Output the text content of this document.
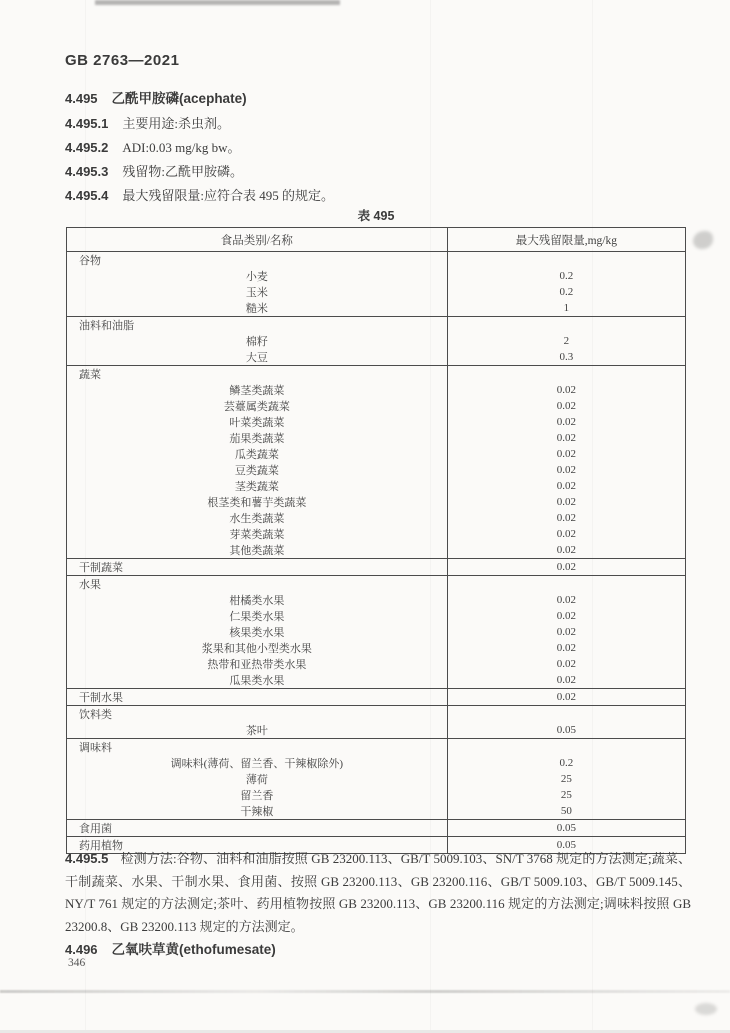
GB 2763—2021
4.495 乙酰甲胺磷(acephate)
4.495.1 主要用途:杀虫剂。
4.495.2 ADI:0.03 mg/kg bw。
4.495.3 残留物:乙酰甲胺磷。
4.495.4 最大残留限量:应符合表 495 的规定。
表 495
食品类别/名称	最大残留限量,mg/kg
谷物	
小麦	0.2
玉米	0.2
糙米	1
油料和油脂	
棉籽	2
大豆	0.3
蔬菜	
鳞茎类蔬菜	0.02
芸薹属类蔬菜	0.02
叶菜类蔬菜	0.02
茄果类蔬菜	0.02
瓜类蔬菜	0.02
豆类蔬菜	0.02
茎类蔬菜	0.02
根茎类和薯芋类蔬菜	0.02
水生类蔬菜	0.02
芽菜类蔬菜	0.02
其他类蔬菜	0.02
干制蔬菜	0.02
水果	
柑橘类水果	0.02
仁果类水果	0.02
核果类水果	0.02
浆果和其他小型类水果	0.02
热带和亚热带类水果	0.02
瓜果类水果	0.02
干制水果	0.02
饮料类	
茶叶	0.05
调味料	
调味料(薄荷、留兰香、干辣椒除外)	0.2
薄荷	25
留兰香	25
干辣椒	50
食用菌	0.05
药用植物	0.05
4.495.5 检测方法:谷物、油料和油脂按照 GB 23200.113、GB/T 5009.103、SN/T 3768 规定的方法测定;蔬菜、干制蔬菜、水果、干制水果、食用菌、按照 GB 23200.113、GB 23200.116、GB/T 5009.103、GB/T 5009.145、NY/T 761 规定的方法测定;茶叶、药用植物按照 GB 23200.113、GB 23200.116 规定的方法测定;调味料按照 GB 23200.8、GB 23200.113 规定的方法测定。
4.496 乙氧呋草黄(ethofumesate)
346
